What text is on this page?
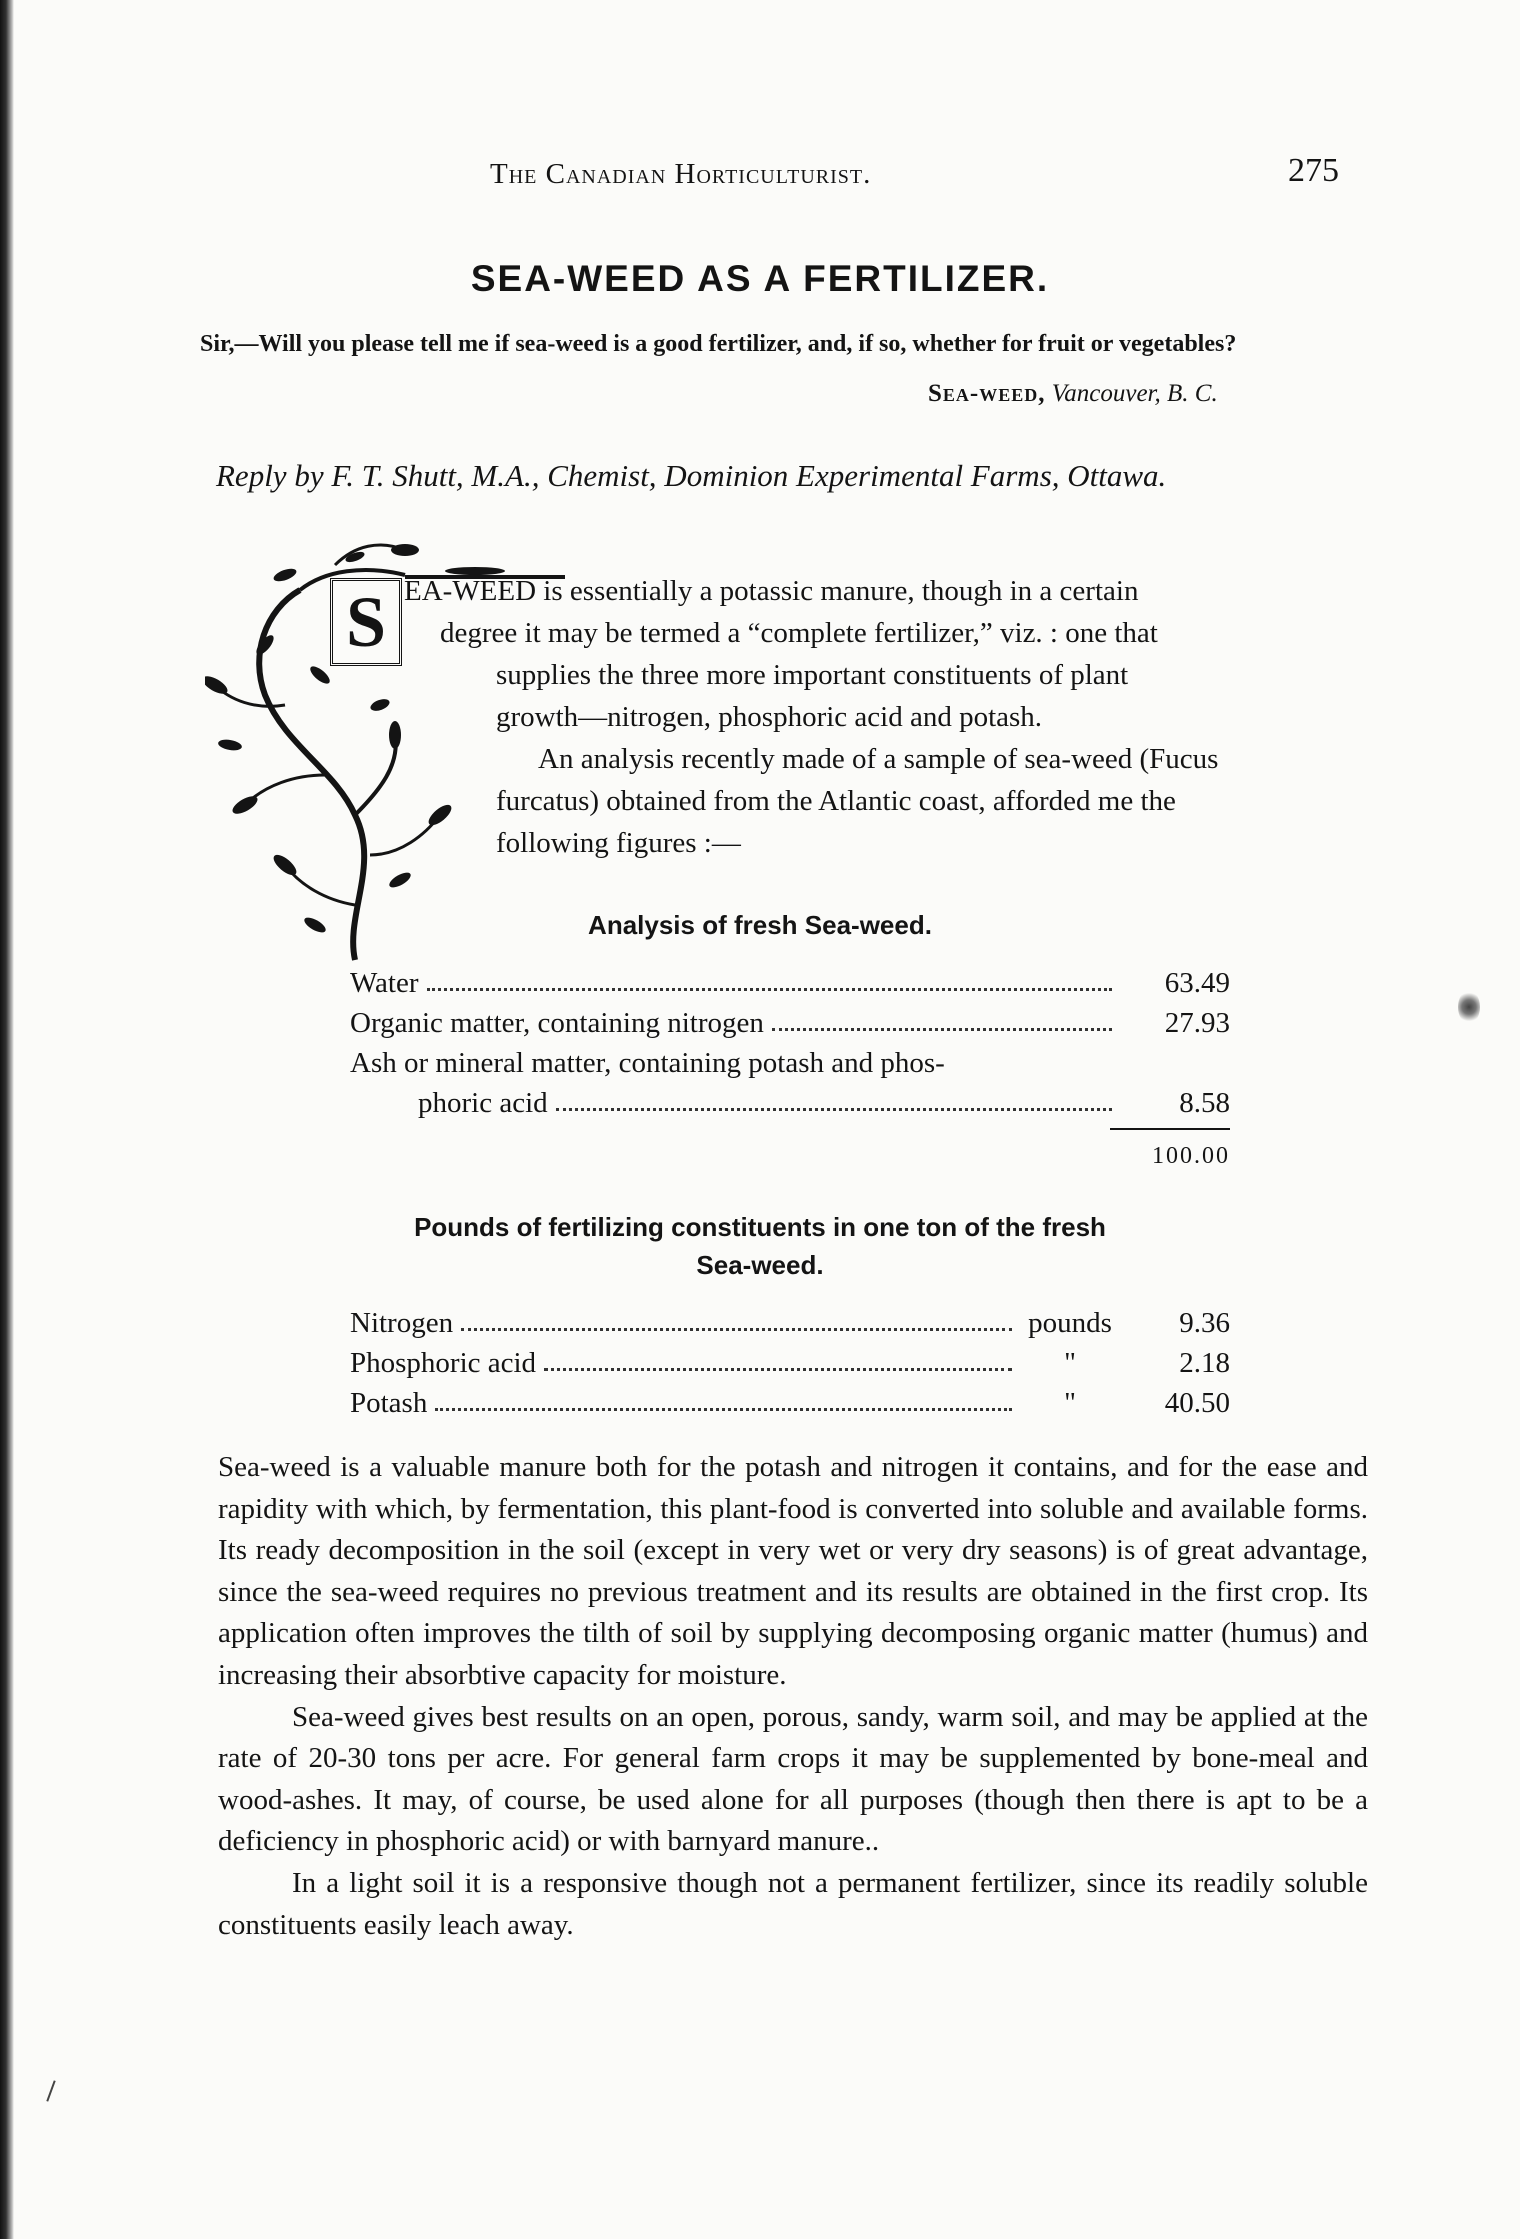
The Canadian Horticulturist.	275
SEA-WEED AS A FERTILIZER.
Sir,—Will you please tell me if sea-weed is a good fertilizer, and, if so, whether for fruit or vegetables?
Sea-weed, Vancouver, B. C.
Reply by F. T. Shutt, M.A., Chemist, Dominion Experimental Farms, Ottawa.
S EA-WEED is essentially a potassic manure, though in a certain

degree it may be termed a “complete fertilizer,” viz. : one that

supplies the three more important constituents of plant

growth—nitrogen, phosphoric acid and potash.

An analysis recently made of a sample of sea-weed (Fucus

furcatus) obtained from the Atlantic coast, afforded me the

following figures :—

Analysis of fresh Sea-weed.
Water	63.49
Organic matter, containing nitrogen	27.93
Ash or mineral matter, containing potash and phos-
phoric acid	8.58
100.00
Pounds of fertilizing constituents in one ton of the fresh
Sea-weed.
Nitrogen	pounds	9.36
Phosphoric acid	"	2.18
Potash	"	40.50

Sea-weed is a valuable manure both for the potash and nitrogen it contains, and for the ease and rapidity with which, by fermentation, this plant-food is converted into soluble and available forms. Its ready decomposition in the soil (except in very wet or very dry seasons) is of great advantage, since the sea-weed requires no previous treatment and its results are obtained in the first crop. Its application often improves the tilth of soil by supplying decomposing organic matter (humus) and increasing their absorbtive capacity for moisture.

Sea-weed gives best results on an open, porous, sandy, warm soil, and may be applied at the rate of 20-30 tons per acre. For general farm crops it may be supplemented by bone-meal and wood-ashes. It may, of course, be used alone for all purposes (though then there is apt to be a deficiency in phosphoric acid) or with barnyard manure..

In a light soil it is a responsive though not a permanent fertilizer, since its readily soluble constituents easily leach away.
